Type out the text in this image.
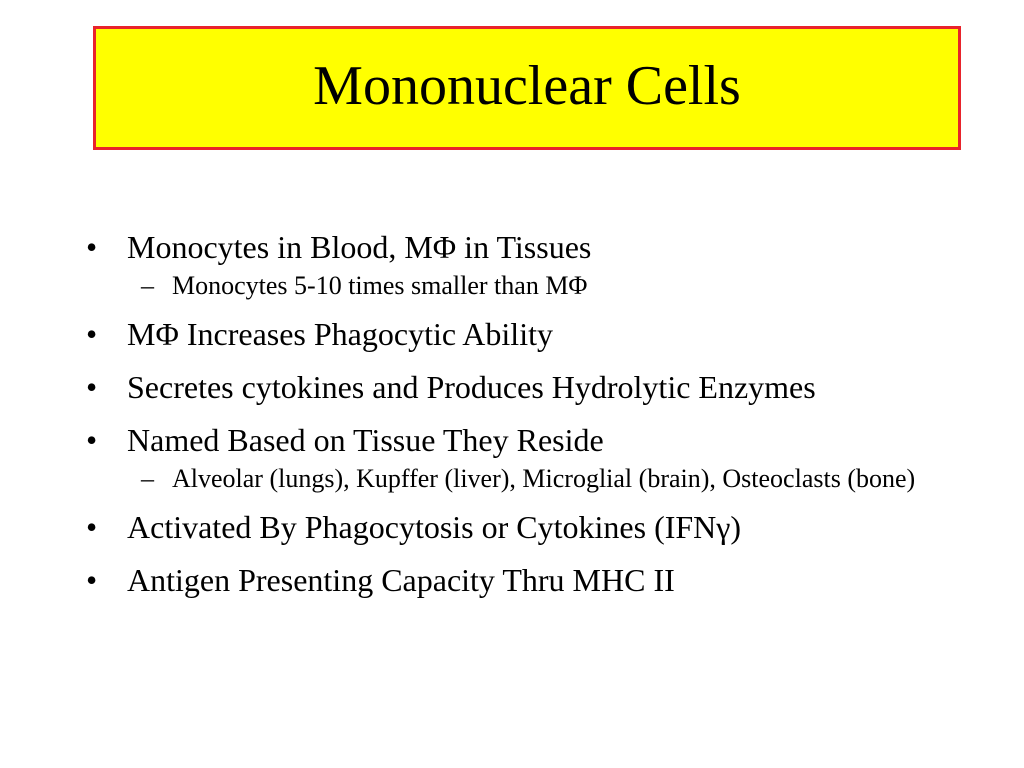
Mononuclear Cells
• Monocytes in Blood, MΦ in Tissues
– Monocytes 5-10 times smaller than MΦ
• MΦ Increases Phagocytic Ability
• Secretes cytokines and Produces Hydrolytic Enzymes
• Named Based on Tissue They Reside
– Alveolar (lungs), Kupffer (liver), Microglial (brain), Osteoclasts (bone)
• Activated By Phagocytosis or Cytokines (IFNγ)
• Antigen Presenting Capacity Thru MHC II
